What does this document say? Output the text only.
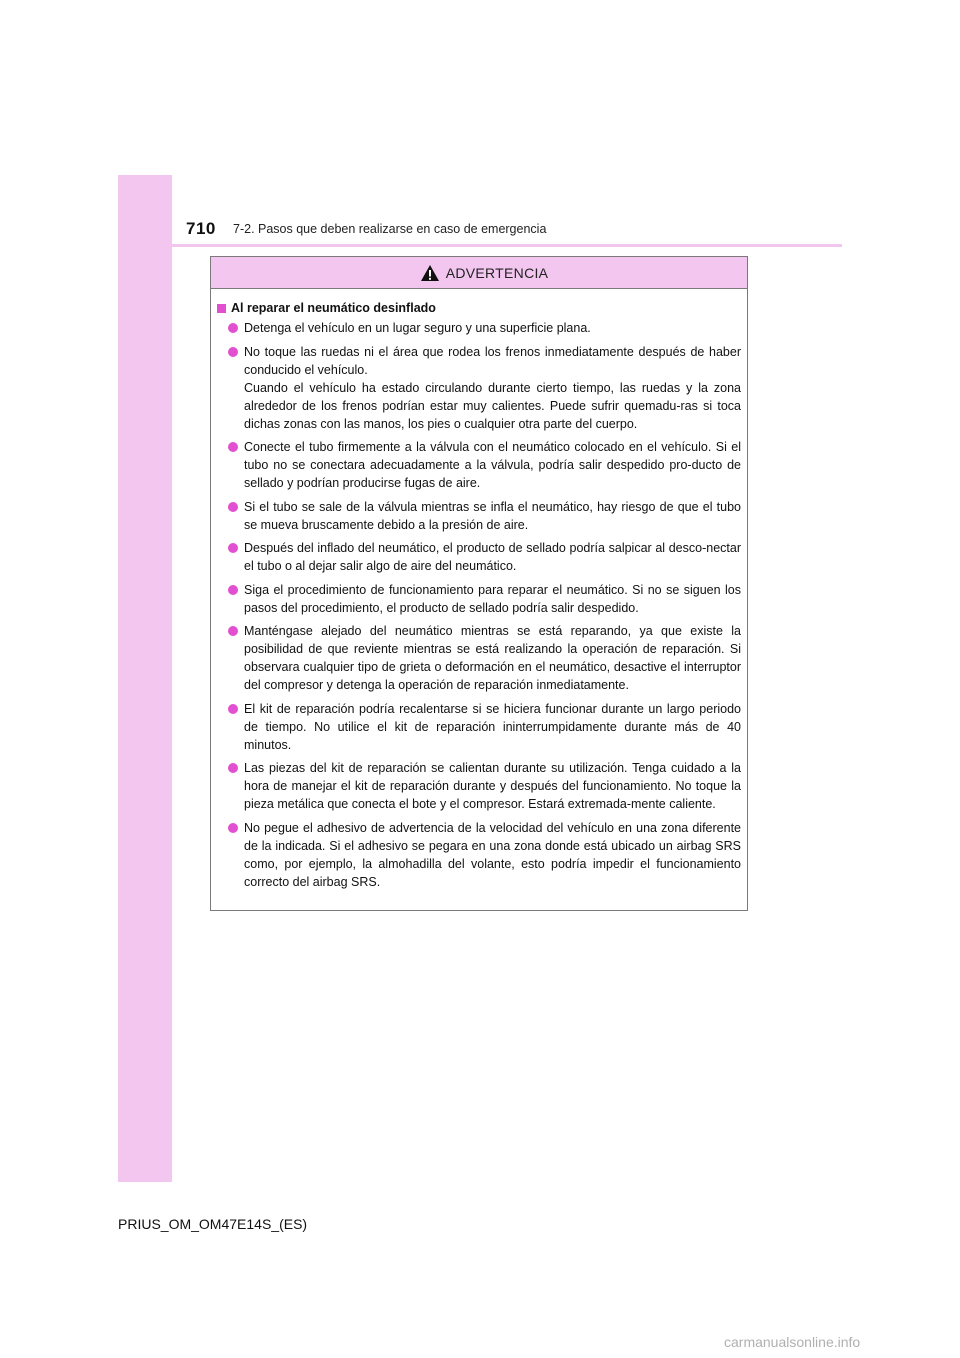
710 7-2. Pasos que deben realizarse en caso de emergencia
ADVERTENCIA
Al reparar el neumático desinflado
Detenga el vehículo en un lugar seguro y una superficie plana.
No toque las ruedas ni el área que rodea los frenos inmediatamente después de haber conducido el vehículo.
Cuando el vehículo ha estado circulando durante cierto tiempo, las ruedas y la zona alrededor de los frenos podrían estar muy calientes. Puede sufrir quemadu-ras si toca dichas zonas con las manos, los pies o cualquier otra parte del cuerpo.
Conecte el tubo firmemente a la válvula con el neumático colocado en el vehículo. Si el tubo no se conectara adecuadamente a la válvula, podría salir despedido pro-ducto de sellado y podrían producirse fugas de aire.
Si el tubo se sale de la válvula mientras se infla el neumático, hay riesgo de que el tubo se mueva bruscamente debido a la presión de aire.
Después del inflado del neumático, el producto de sellado podría salpicar al desco-nectar el tubo o al dejar salir algo de aire del neumático.
Siga el procedimiento de funcionamiento para reparar el neumático. Si no se siguen los pasos del procedimiento, el producto de sellado podría salir despedido.
Manténgase alejado del neumático mientras se está reparando, ya que existe la posibilidad de que reviente mientras se está realizando la operación de reparación. Si observara cualquier tipo de grieta o deformación en el neumático, desactive el interruptor del compresor y detenga la operación de reparación inmediatamente.
El kit de reparación podría recalentarse si se hiciera funcionar durante un largo periodo de tiempo. No utilice el kit de reparación ininterrumpidamente durante más de 40 minutos.
Las piezas del kit de reparación se calientan durante su utilización. Tenga cuidado a la hora de manejar el kit de reparación durante y después del funcionamiento. No toque la pieza metálica que conecta el bote y el compresor. Estará extremada-mente caliente.
No pegue el adhesivo de advertencia de la velocidad del vehículo en una zona diferente de la indicada. Si el adhesivo se pegara en una zona donde está ubicado un airbag SRS como, por ejemplo, la almohadilla del volante, esto podría impedir el funcionamiento correcto del airbag SRS.
PRIUS_OM_OM47E14S_(ES)
carmanualsonline.info
